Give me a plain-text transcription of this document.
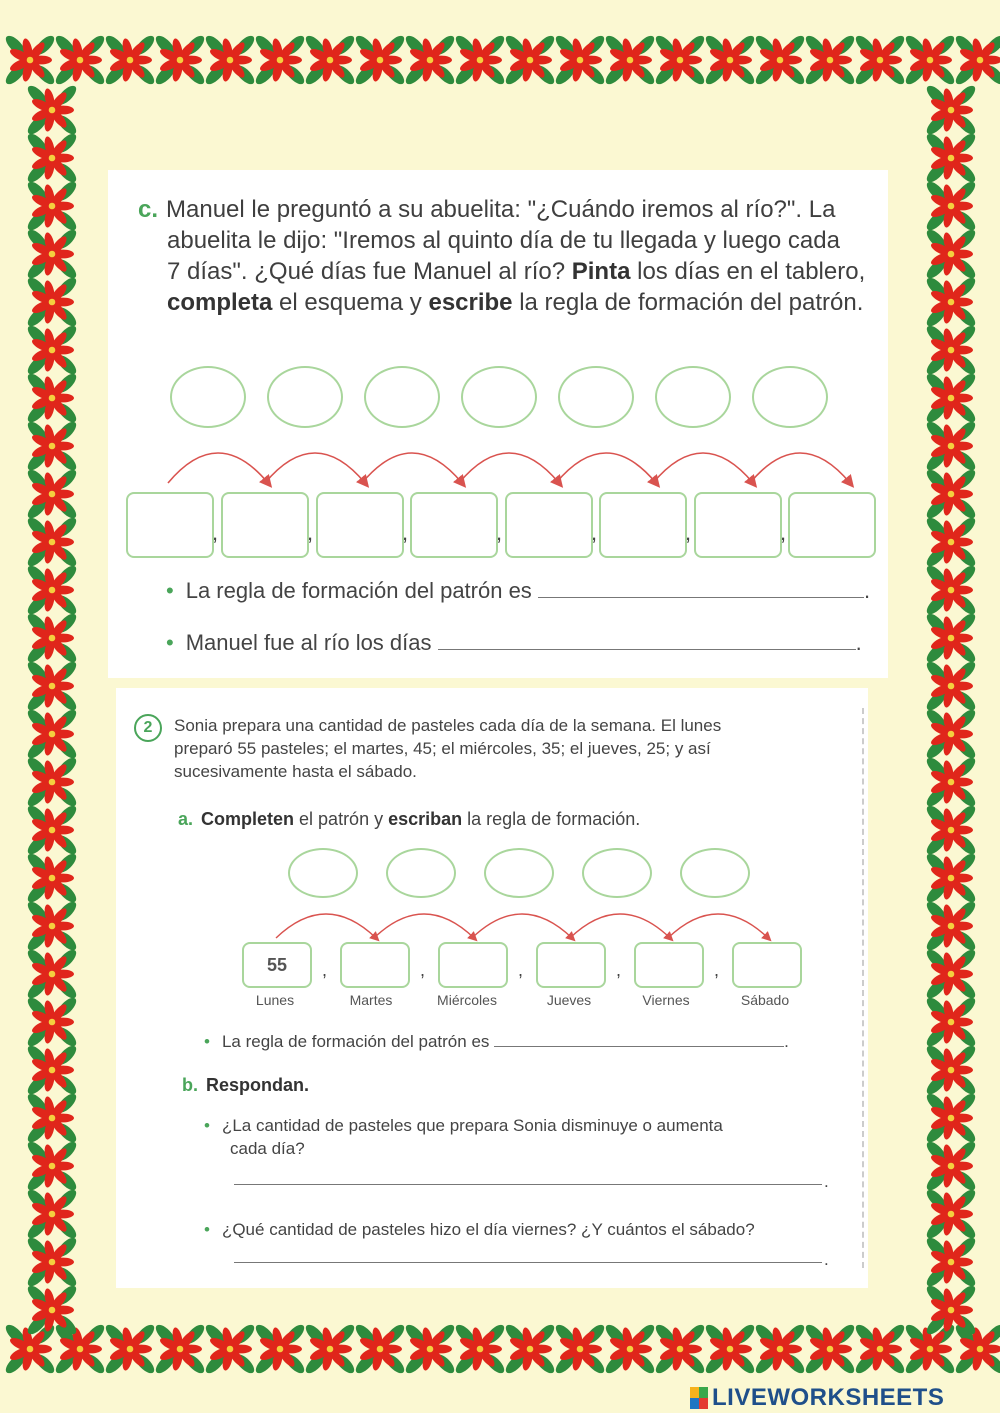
c. Manuel le preguntó a su abuelita: "¿Cuándo iremos al río?". La
abuelita le dijo: "Iremos al quinto día de tu llegada y luego cada
7 días". ¿Qué días fue Manuel al río? Pinta los días en el tablero,
completa el esquema y escribe la regla de formación del patrón.
,	,	,	,	,	,	,
• La regla de formación del patrón es	.
• Manuel fue al río los días	.
2	Sonia prepara una cantidad de pasteles cada día de la semana. El lunes
preparó 55 pasteles; el martes, 45; el miércoles, 35; el jueves, 25; y así
sucesivamente hasta el sábado.
a. Completen el patrón y escriban la regla de formación.
55	,	,	,	,	,
Lunes	Martes	Miércoles	Jueves	Viernes	Sábado
• La regla de formación del patrón es	.
b. Respondan.
• ¿La cantidad de pasteles que prepara Sonia disminuye o aumenta
cada día?
.
• ¿Qué cantidad de pasteles hizo el día viernes? ¿Y cuántos el sábado?
.
LIVEWORKSHEETS
